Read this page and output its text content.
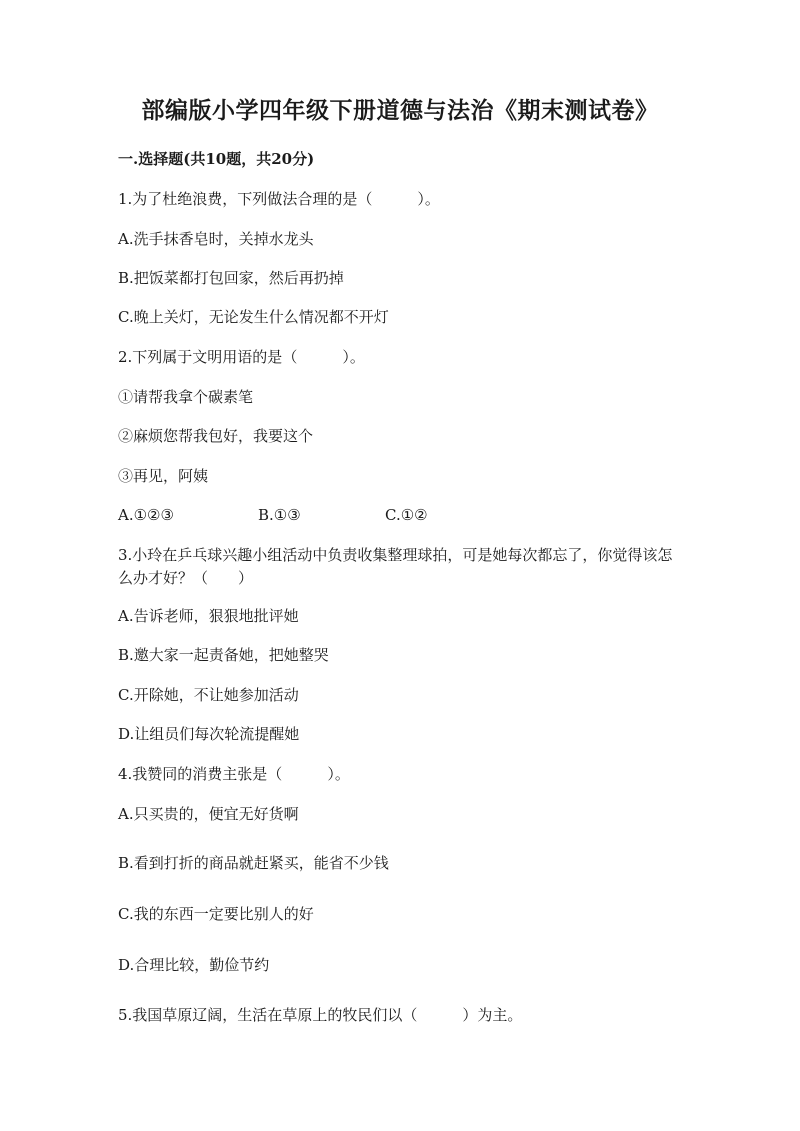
部编版小学四年级下册道德与法治《期末测试卷》
一.选择题(共10题，共20分)
1.为了杜绝浪费，下列做法合理的是（　　　）。
A.洗手抹香皂时，关掉水龙头
B.把饭菜都打包回家，然后再扔掉
C.晚上关灯，无论发生什么情况都不开灯
2.下列属于文明用语的是（　　　）。
①请帮我拿个碳素笔
②麻烦您帮我包好，我要这个
③再见，阿姨
A.①②③	B.①③	C.①②
3.小玲在乒乓球兴趣小组活动中负责收集整理球拍，可是她每次都忘了，你觉得该怎么办才好？（　　）
A.告诉老师，狠狠地批评她
B.邀大家一起责备她，把她整哭
C.开除她，不让她参加活动
D.让组员们每次轮流提醒她
4.我赞同的消费主张是（　　　）。
A.只买贵的，便宜无好货啊
B.看到打折的商品就赶紧买，能省不少钱
C.我的东西一定要比别人的好
D.合理比较，勤俭节约
5.我国草原辽阔，生活在草原上的牧民们以（　　　）为主。
